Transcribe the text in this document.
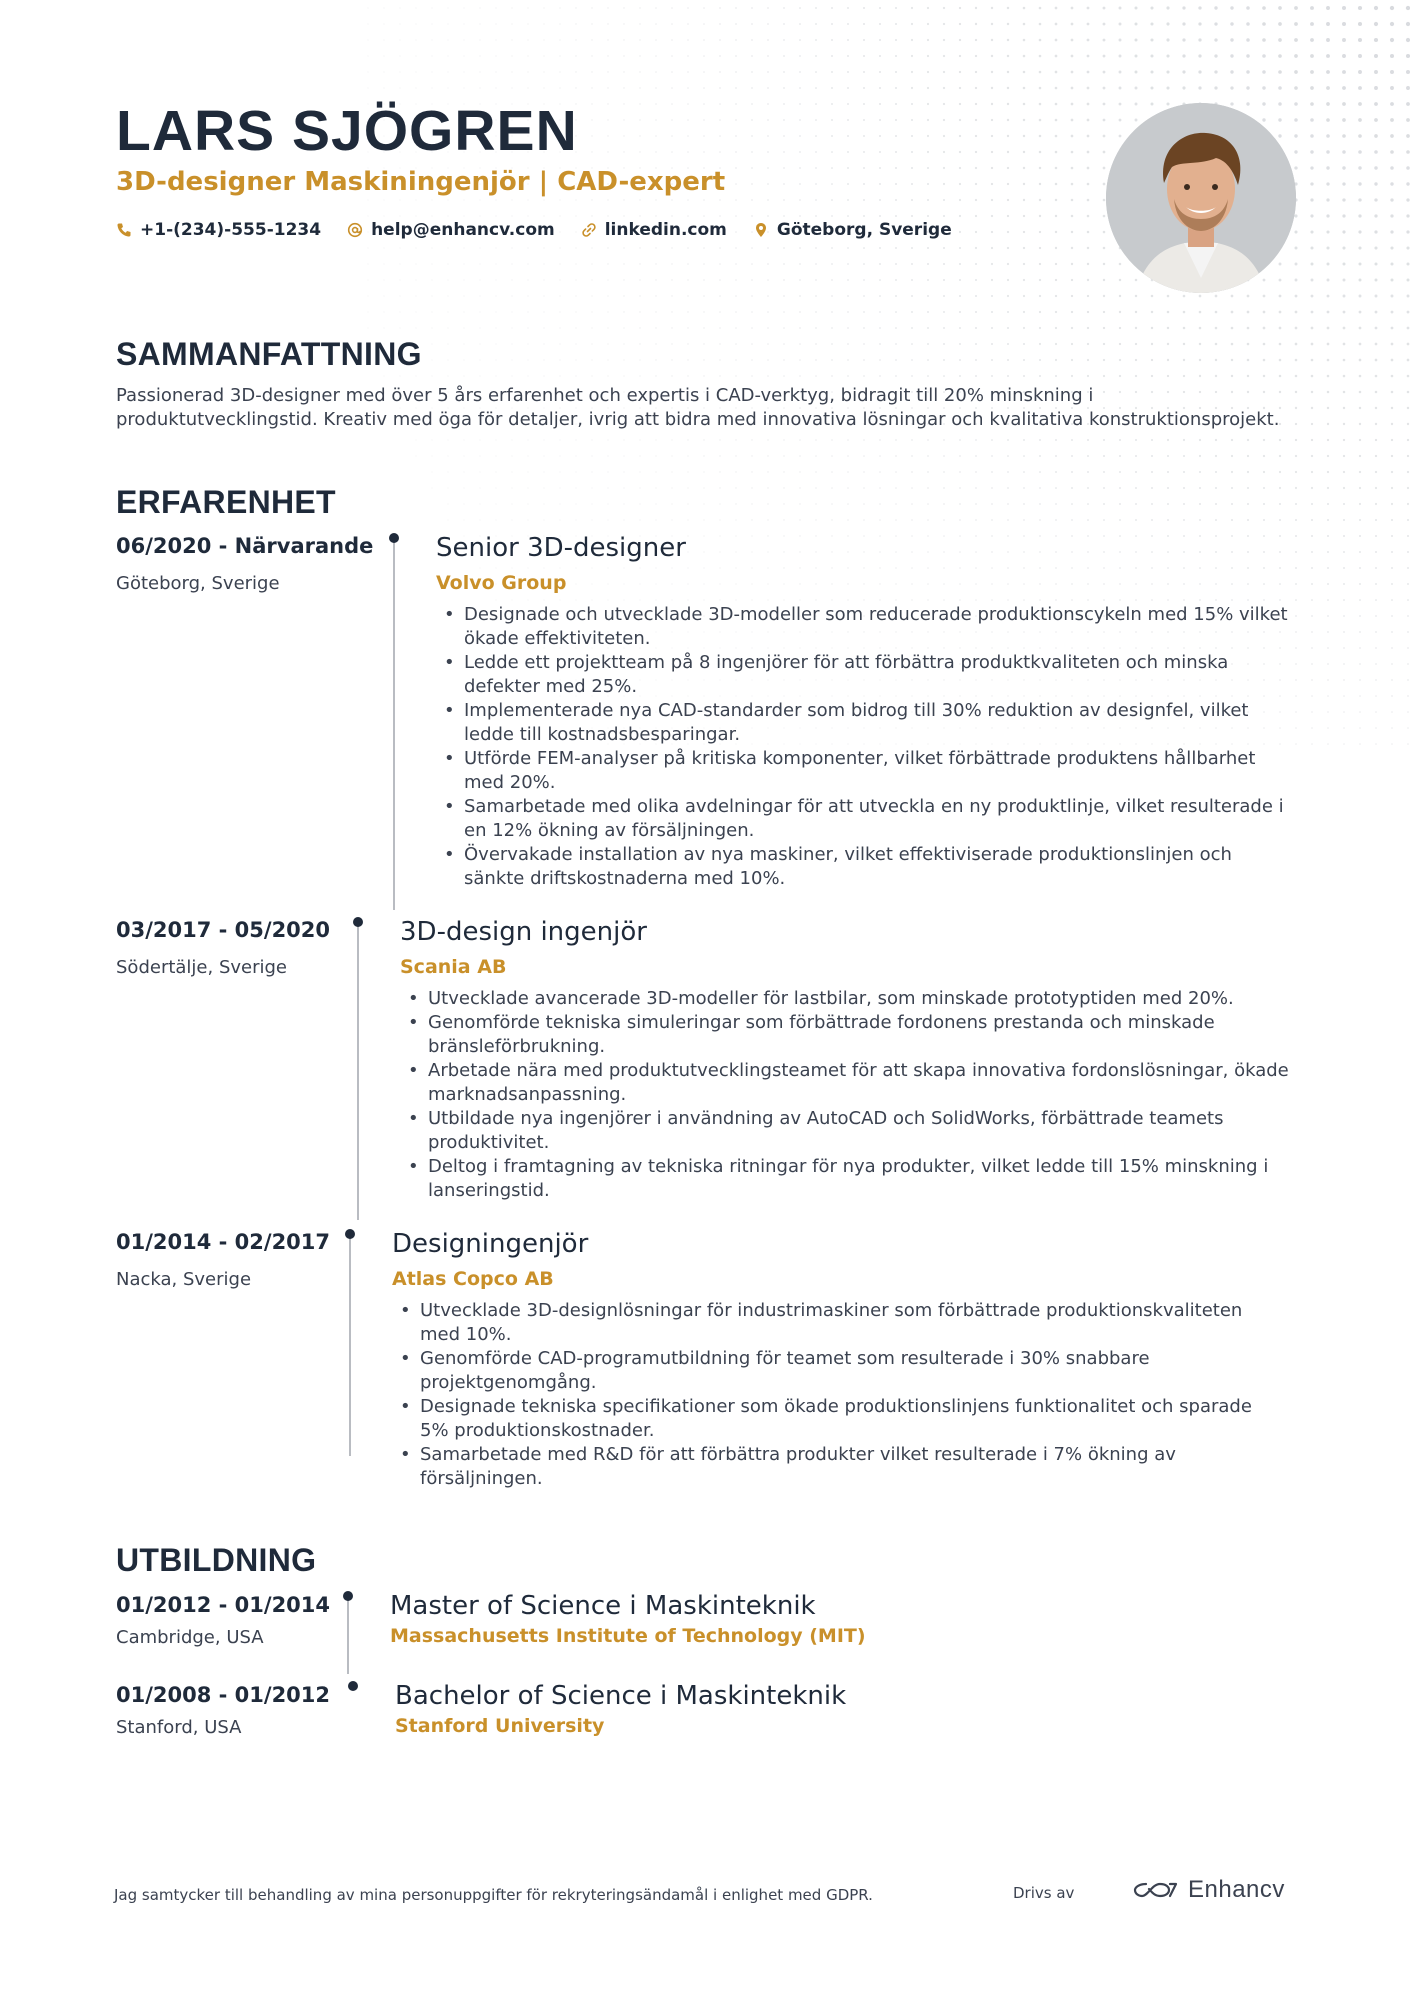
LARS SJÖGREN
3D-designer Maskiningenjör | CAD-expert
+1-(234)-555-1234	help@enhancv.com	linkedin.com	Göteborg, Sverige
SAMMANFATTNING
Passionerad 3D-designer med över 5 års erfarenhet och expertis i CAD-verktyg, bidragit till 20% minskning i produktutvecklingstid. Kreativ med öga för detaljer, ivrig att bidra med innovativa lösningar och kvalitativa konstruktionsprojekt.
ERFARENHET
06/2020 - Närvarande
Göteborg, Sverige
Senior 3D-designer
Volvo Group
• Designade och utvecklade 3D-modeller som reducerade produktionscykeln med 15% vilket ökade effektiviteten.
• Ledde ett projektteam på 8 ingenjörer för att förbättra produktkvaliteten och minska defekter med 25%.
• Implementerade nya CAD-standarder som bidrog till 30% reduktion av designfel, vilket ledde till kostnadsbesparingar.
• Utförde FEM-analyser på kritiska komponenter, vilket förbättrade produktens hållbarhet med 20%.
• Samarbetade med olika avdelningar för att utveckla en ny produktlinje, vilket resulterade i en 12% ökning av försäljningen.
• Övervakade installation av nya maskiner, vilket effektiviserade produktionslinjen och sänkte driftskostnaderna med 10%.
03/2017 - 05/2020
Södertälje, Sverige
3D-design ingenjör
Scania AB
• Utvecklade avancerade 3D-modeller för lastbilar, som minskade prototyptiden med 20%.
• Genomförde tekniska simuleringar som förbättrade fordonens prestanda och minskade bränsleförbrukning.
• Arbetade nära med produktutvecklingsteamet för att skapa innovativa fordonslösningar, ökade marknadsanpassning.
• Utbildade nya ingenjörer i användning av AutoCAD och SolidWorks, förbättrade teamets produktivitet.
• Deltog i framtagning av tekniska ritningar för nya produkter, vilket ledde till 15% minskning i lanseringstid.
01/2014 - 02/2017
Nacka, Sverige
Designingenjör
Atlas Copco AB
• Utvecklade 3D-designlösningar för industrimaskiner som förbättrade produktionskvaliteten med 10%.
• Genomförde CAD-programutbildning för teamet som resulterade i 30% snabbare projektgenomgång.
• Designade tekniska specifikationer som ökade produktionslinjens funktionalitet och sparade 5% produktionskostnader.
• Samarbetade med R&D för att förbättra produkter vilket resulterade i 7% ökning av försäljningen.
UTBILDNING
01/2012 - 01/2014
Cambridge, USA
Master of Science i Maskinteknik
Massachusetts Institute of Technology (MIT)
01/2008 - 01/2012
Stanford, USA
Bachelor of Science i Maskinteknik
Stanford University
Jag samtycker till behandling av mina personuppgifter för rekryteringsändamål i enlighet med GDPR.	Drivs av	Enhancv
